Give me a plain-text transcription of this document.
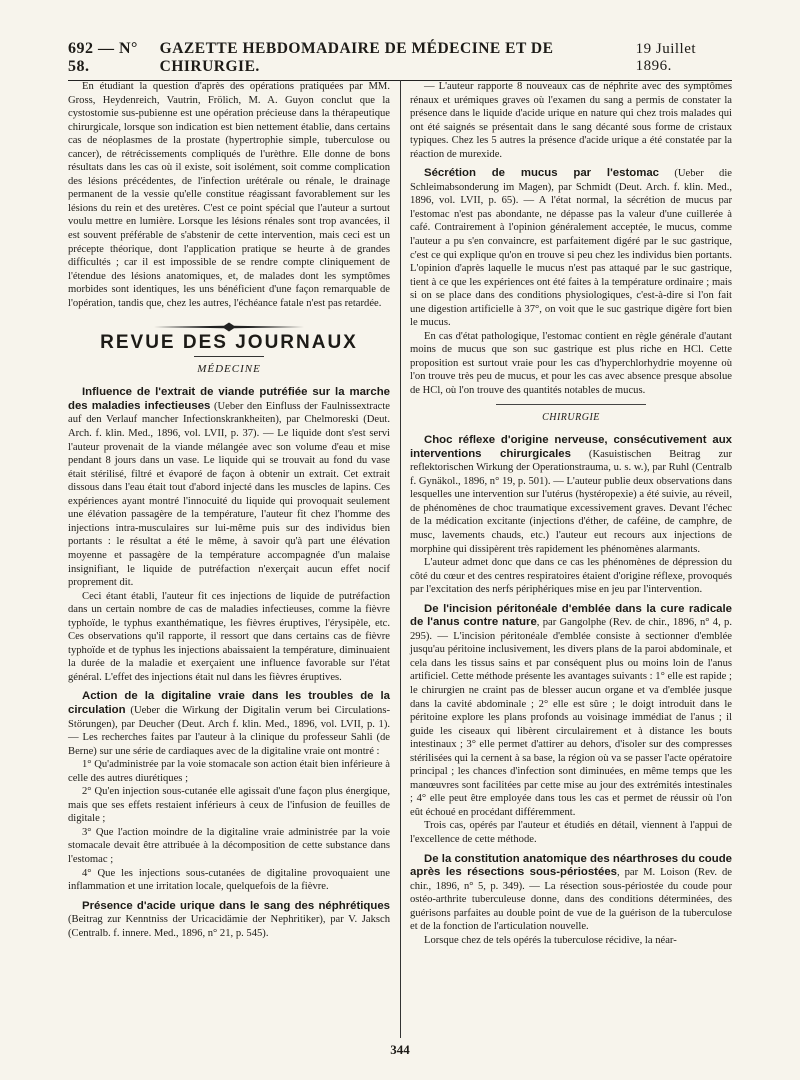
692 — N° 58.
GAZETTE HEBDOMADAIRE DE MÉDECINE ET DE CHIRURGIE.
19 Juillet 1896.

En étudiant la question d'après des opérations pratiquées par MM. Gross, Heydenreich, Vautrin, Frölich, M. A. Guyon conclut que la cystostomie sus-pubienne est une opération précieuse dans la thérapeutique chirurgicale, lorsque son indication est bien nettement établie, dans certains cas de néoplasmes de la prostate (hypertrophie simple, tuberculose ou cancer), de rétrécissements compliqués de l'urèthre. Elle donne de bons résultats dans les cas où il existe, soit isolément, soit comme complication des lésions précédentes, de l'infection urétérale ou rénale, le drainage permanent de la vessie qu'elle constitue réagissant favorablement sur les lésions du rein et des uretères. C'est ce point spécial que l'auteur a surtout voulu mettre en lumière. Lorsque les lésions rénales sont trop avancées, il est souvent préférable de s'abstenir de cette intervention, mais ceci est un précepte théorique, dont l'application pratique se heurte à de grandes difficultés ; car il est impossible de se rendre compte cliniquement de l'étendue des lésions anatomiques, et, de malades dont les symptômes morbides sont identiques, les uns bénéficient d'une façon remarquable de l'opération, tandis que, chez les autres, l'échéance fatale n'est pas retardée.

REVUE DES JOURNAUX
MÉDECINE

Influence de l'extrait de viande putréfiée sur la marche des maladies infectieuses (Ueber den Einfluss der Faulnissextracte auf den Verlauf mancher Infectionskrankheiten), par Chelmoreski (Deut. Arch. f. klin. Med., 1896, vol. LVII, p. 37). — Le liquide dont s'est servi l'auteur provenait de la viande mélangée avec son volume d'eau et mise pendant 8 jours dans un vase. Le liquide qui se trouvait au fond du vase était stérilisé, filtré et évaporé de façon à obtenir un extrait. Cet extrait dissous dans l'eau était tout d'abord injecté dans les muscles de lapins. Ces expériences ayant montré l'innocuité du liquide qui provoquait seulement une élévation passagère de la température, l'auteur fit chez l'homme des injections intra-musculaires sur lui-même puis sur des individus bien portants : le résultat a été le même, à savoir qu'à part une élévation moyenne et passagère de la température accompagnée d'un malaise insignifiant, le liquide de putréfaction n'exerçait aucun effet nocif proprement dit.

Ceci étant établi, l'auteur fit ces injections de liquide de putréfaction dans un certain nombre de cas de maladies infectieuses, comme la fièvre typhoïde, le typhus exanthématique, les fièvres éruptives, l'érysipèle, etc. Ces observations qu'il rapporte, il ressort que dans certains cas de fièvre typhoïde et de typhus les injections abaissaient la température, diminuaient la durée de la maladie et exerçaient une influence favorable sur l'état général. L'effet des injections était nul dans les fièvres éruptives.

Action de la digitaline vraie dans les troubles de la circulation (Ueber die Wirkung der Digitalin verum bei Circulations-Störungen), par Deucher (Deut. Arch f. klin. Med., 1896, vol. LVII, p. 1). — Les recherches faites par l'auteur à la clinique du professeur Sahli (de Berne) sur une série de cardiaques avec de la digitaline vraie ont montré :

1° Qu'administrée par la voie stomacale son action était bien inférieure à celle des autres diurétiques ;

2° Qu'en injection sous-cutanée elle agissait d'une façon plus énergique, mais que ses effets restaient inférieurs à ceux de l'infusion de feuilles de digitale ;

3° Que l'action moindre de la digitaline vraie administrée par la voie stomacale devait être attribuée à la décomposition de cette substance dans l'estomac ;

4° Que les injections sous-cutanées de digitaline provoquaient une inflammation et une irritation locale, quelquefois de la fièvre.

Présence d'acide urique dans le sang des néphrétiques (Beitrag zur Kenntniss der Uricacidämie der Nephritiker), par V. Jaksch (Centralb. f. innere. Med., 1896, n° 21, p. 545).

— L'auteur rapporte 8 nouveaux cas de néphrite avec des symptômes rénaux et urémiques graves où l'examen du sang a permis de constater la présence dans le liquide d'acide urique en nature qui chez trois malades qui ont été saignés se présentait dans le sang décanté sous forme de cristaux typiques. Chez les 5 autres la présence d'acide urique a été constatée par la réaction de murexide.

Sécrétion de mucus par l'estomac (Ueber die Schleimabsonderung im Magen), par Schmidt (Deut. Arch. f. klin. Med., 1896, vol. LVII, p. 65). — A l'état normal, la sécrétion de mucus par l'estomac n'est pas abondante, ne dépasse pas la valeur d'une cuillerée à café. Contrairement à l'opinion généralement acceptée, le mucus, comme l'auteur a pu s'en convaincre, est parfaitement digéré par le suc gastrique, c'est ce qui explique qu'on en trouve si peu chez les individus bien portants. L'opinion d'après laquelle le mucus n'est pas attaqué par le suc gastrique, tient à ce que les expériences ont été faites à la température ordinaire ; mais si on se place dans des conditions physiologiques, c'est-à-dire si l'on fait une digestion artificielle à 37°, on voit que le suc gastrique digère fort bien le mucus.

En cas d'état pathologique, l'estomac contient en règle générale d'autant moins de mucus que son suc gastrique est plus riche en HCl. Cette proposition est surtout vraie pour les cas d'hyperchlorhydrie moyenne où l'on trouve très peu de mucus, et pour les cas avec absence presque absolue de HCl, où l'on trouve des quantités notables de mucus.

CHIRURGIE

Choc réflexe d'origine nerveuse, consécutivement aux interventions chirurgicales (Kasuistischen Beitrag zur reflektorischen Wirkung der Operationstrauma, u. s. w.), par Ruhl (Centralb f. Gynäkol., 1896, n° 19, p. 501). — L'auteur publie deux observations dans lesquelles une intervention sur l'utérus (hystéropexie) a été suivie, au réveil, de phénomènes de choc traumatique excessivement graves. Devant l'échec de la médication excitante (injections d'éther, de caféine, de camphre, de musc, lavements chauds, etc.) l'auteur eut recours aux injections de morphine qui dissipèrent très rapidement les phénomènes alarmants.

L'auteur admet donc que dans ce cas les phénomènes de dépression du côté du cœur et des centres respiratoires étaient d'origine réflexe, provoqués par l'excitation des nerfs périphériques mise en jeu par l'intervention.

De l'incision péritonéale d'emblée dans la cure radicale de l'anus contre nature, par Gangolphe (Rev. de chir., 1896, n° 4, p. 295). — L'incision péritonéale d'emblée consiste à sectionner d'emblée jusqu'au péritoine inclusivement, les divers plans de la paroi abdominale, et cela dans les tissus sains et par conséquent plus ou moins loin de l'anus artificiel. Cette méthode présente les avantages suivants : 1° elle est rapide ; le chirurgien ne craint pas de blesser aucun organe et va d'emblée jusque dans la cavité abdominale ; 2° elle est sûre ; le doigt introduit dans le péritoine explore les plans profonds au voisinage immédiat de l'anus ; il guide les ciseaux qui libèrent circulairement et à distance les bouts intestinaux ; 3° elle permet d'attirer au dehors, d'isoler sur des compresses stérilisées qui la cernent à sa base, la région où va se passer l'acte opératoire principal ; les chances d'infection sont diminuées, en même temps que les manœuvres sont facilitées par cette mise au jour des extrémités intestinales ; 4° elle peut être employée dans tous les cas et permet de réussir où l'on eût échoué en procédant différemment.

Trois cas, opérés par l'auteur et étudiés en détail, viennent à l'appui de l'excellence de cette méthode.

De la constitution anatomique des néarthroses du coude après les résections sous-périostées, par M. Loison (Rev. de chir., 1896, n° 5, p. 349). — La résection sous-périostée du coude pour ostéo-arthrite tuberculeuse donne, dans des conditions déterminées, des guérisons parfaites au double point de vue de la guérison de la tuberculose et de la fonction de l'articulation nouvelle.

Lorsque chez de tels opérés la tuberculose récidive, la néar-

344
